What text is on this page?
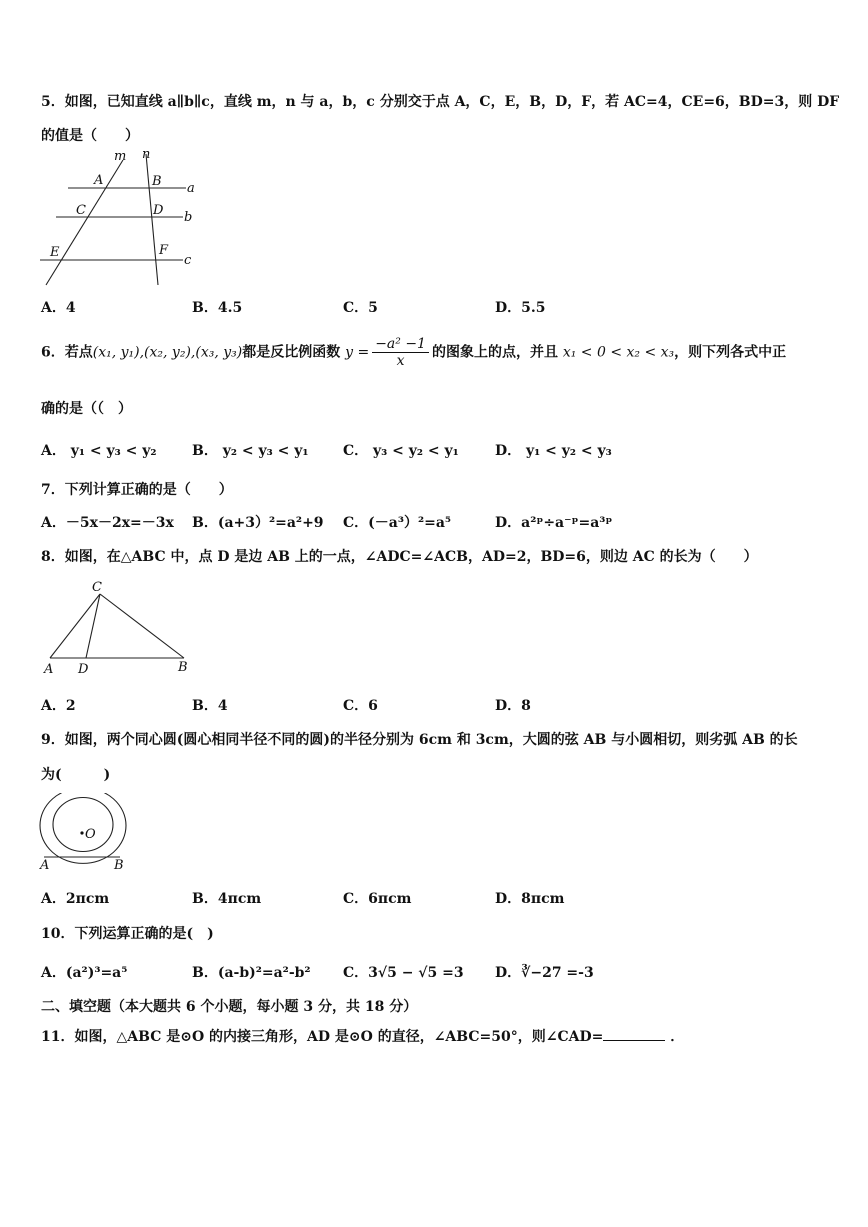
5．如图，已知直线 a∥b∥c，直线 m，n 与 a，b，c 分别交于点 A，C，E，B，D，F，若 AC=4，CE=6，BD=3，则 DF
的值是（　　）
m n
A	B a
C	D b
E	F
c
A．4	B．4.5	C．5	D．5.5
6．若点(x₁, y₁),(x₂, y₂),(x₃, y₃)都是反比例函数 $y = \frac{\text{−a² −1}}{x}$ 的图象上的点，并且 x₁ < 0 < x₂ < x₃，则下列各式中正
确的是（（　）
A． y₁ < y₃ < y₂	B． y₂ < y₃ < y₁ C． y₃ < y₂ < y₁	D． y₁ < y₂ < y₃
7．下列计算正确的是（　　）
A．－5x－2x=－3x B．(a+3）²=a²+9 C．(－a³）²=a⁵	D．a²ᵖ÷a⁻ᵖ=a³ᵖ
8．如图，在△ABC 中，点 D 是边 AB 上的一点，∠ADC=∠ACB，AD=2，BD=6，则边 AC 的长为（　　）
C
A D	B
A．2	B．4	C．6	D．8
9．如图，两个同心圆(圆心相同半径不同的圆)的半径分别为 6cm 和 3cm，大圆的弦 AB 与小圆相切，则劣弧 AB 的长
为(　　　)
O
A	B
A．2πcm	B．4πcm	C．6πcm	D．8πcm
10．下列运算正确的是(　)
A．(a²)³=a⁵	B．(a-b)²=a²-b² C．3√5 − √5 =3 D．∛−27 =-3
二、填空题（本大题共 6 个小题，每小题 3 分，共 18 分）
11．如图，△ABC 是⊙O 的内接三角形，AD 是⊙O 的直径，∠ABC=50°，则∠CAD=	．
